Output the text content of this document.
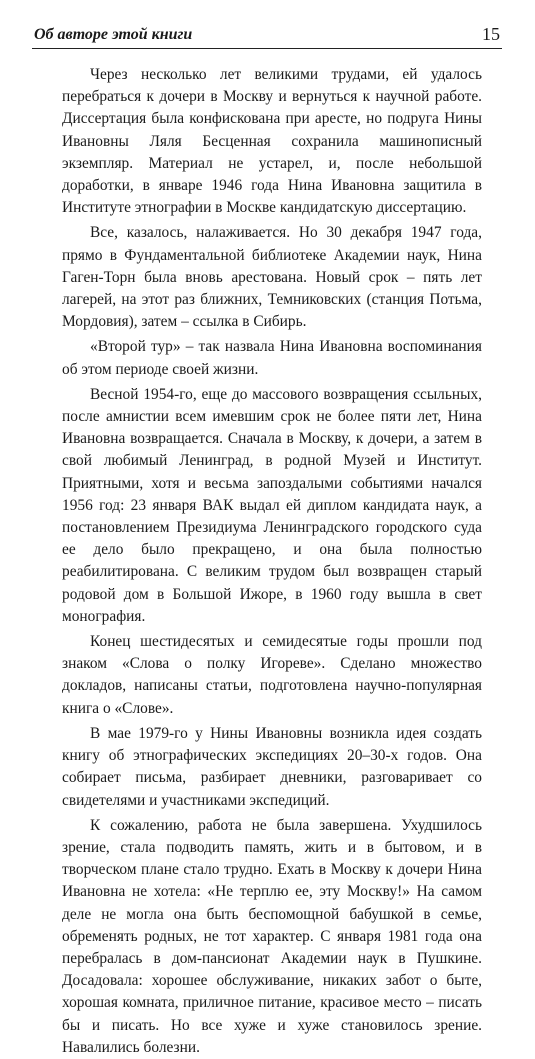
Об авторе этой книги	15

Через несколько лет великими трудами, ей удалось перебраться к дочери в Москву и вернуться к научной работе. Диссертация была конфискована при аресте, но подруга Нины Ивановны Ляля Бесценная сохранила машинописный экземпляр. Материал не устарел, и, после небольшой доработки, в январе 1946 года Нина Ивановна защитила в Институте этнографии в Москве кандидатскую диссертацию.

Все, казалось, налаживается. Но 30 декабря 1947 года, прямо в Фундаментальной библиотеке Академии наук, Нина Гаген-Торн была вновь арестована. Новый срок – пять лет лагерей, на этот раз ближних, Темниковских (станция Потьма, Мордовия), затем – ссылка в Сибирь.

«Второй тур» – так назвала Нина Ивановна воспоминания об этом периоде своей жизни.

Весной 1954-го, еще до массового возвращения ссыльных, после амнистии всем имевшим срок не более пяти лет, Нина Ивановна возвращается. Сначала в Москву, к дочери, а затем в свой любимый Ленинград, в родной Музей и Институт. Приятными, хотя и весьма запоздалыми событиями начался 1956 год: 23 января ВАК выдал ей диплом кандидата наук, а постановлением Президиума Ленинградского городского суда ее дело было прекращено, и она была полностью реабилитирована. С великим трудом был возвращен старый родовой дом в Большой Ижоре, в 1960 году вышла в свет монография.

Конец шестидесятых и семидесятые годы прошли под знаком «Слова о полку Игореве». Сделано множество докладов, написаны статьи, подготовлена научно-популярная книга о «Слове».

В мае 1979-го у Нины Ивановны возникла идея создать книгу об этнографических экспедициях 20–30-х годов. Она собирает письма, разбирает дневники, разговаривает со свидетелями и участниками экспедиций.

К сожалению, работа не была завершена. Ухудшилось зрение, стала подводить память, жить и в бытовом, и в творческом плане стало трудно. Ехать в Москву к дочери Нина Ивановна не хотела: «Не терплю ее, эту Москву!» На самом деле не могла она быть беспомощной бабушкой в семье, обременять родных, не тот характер. С января 1981 года она перебралась в дом-пансионат Академии наук в Пушкине. Досадовала: хорошее обслуживание, никаких забот о быте, хорошая комната, приличное питание, красивое место – писать бы и писать. Но все хуже и хуже становилось зрение. Навалились болезни.
